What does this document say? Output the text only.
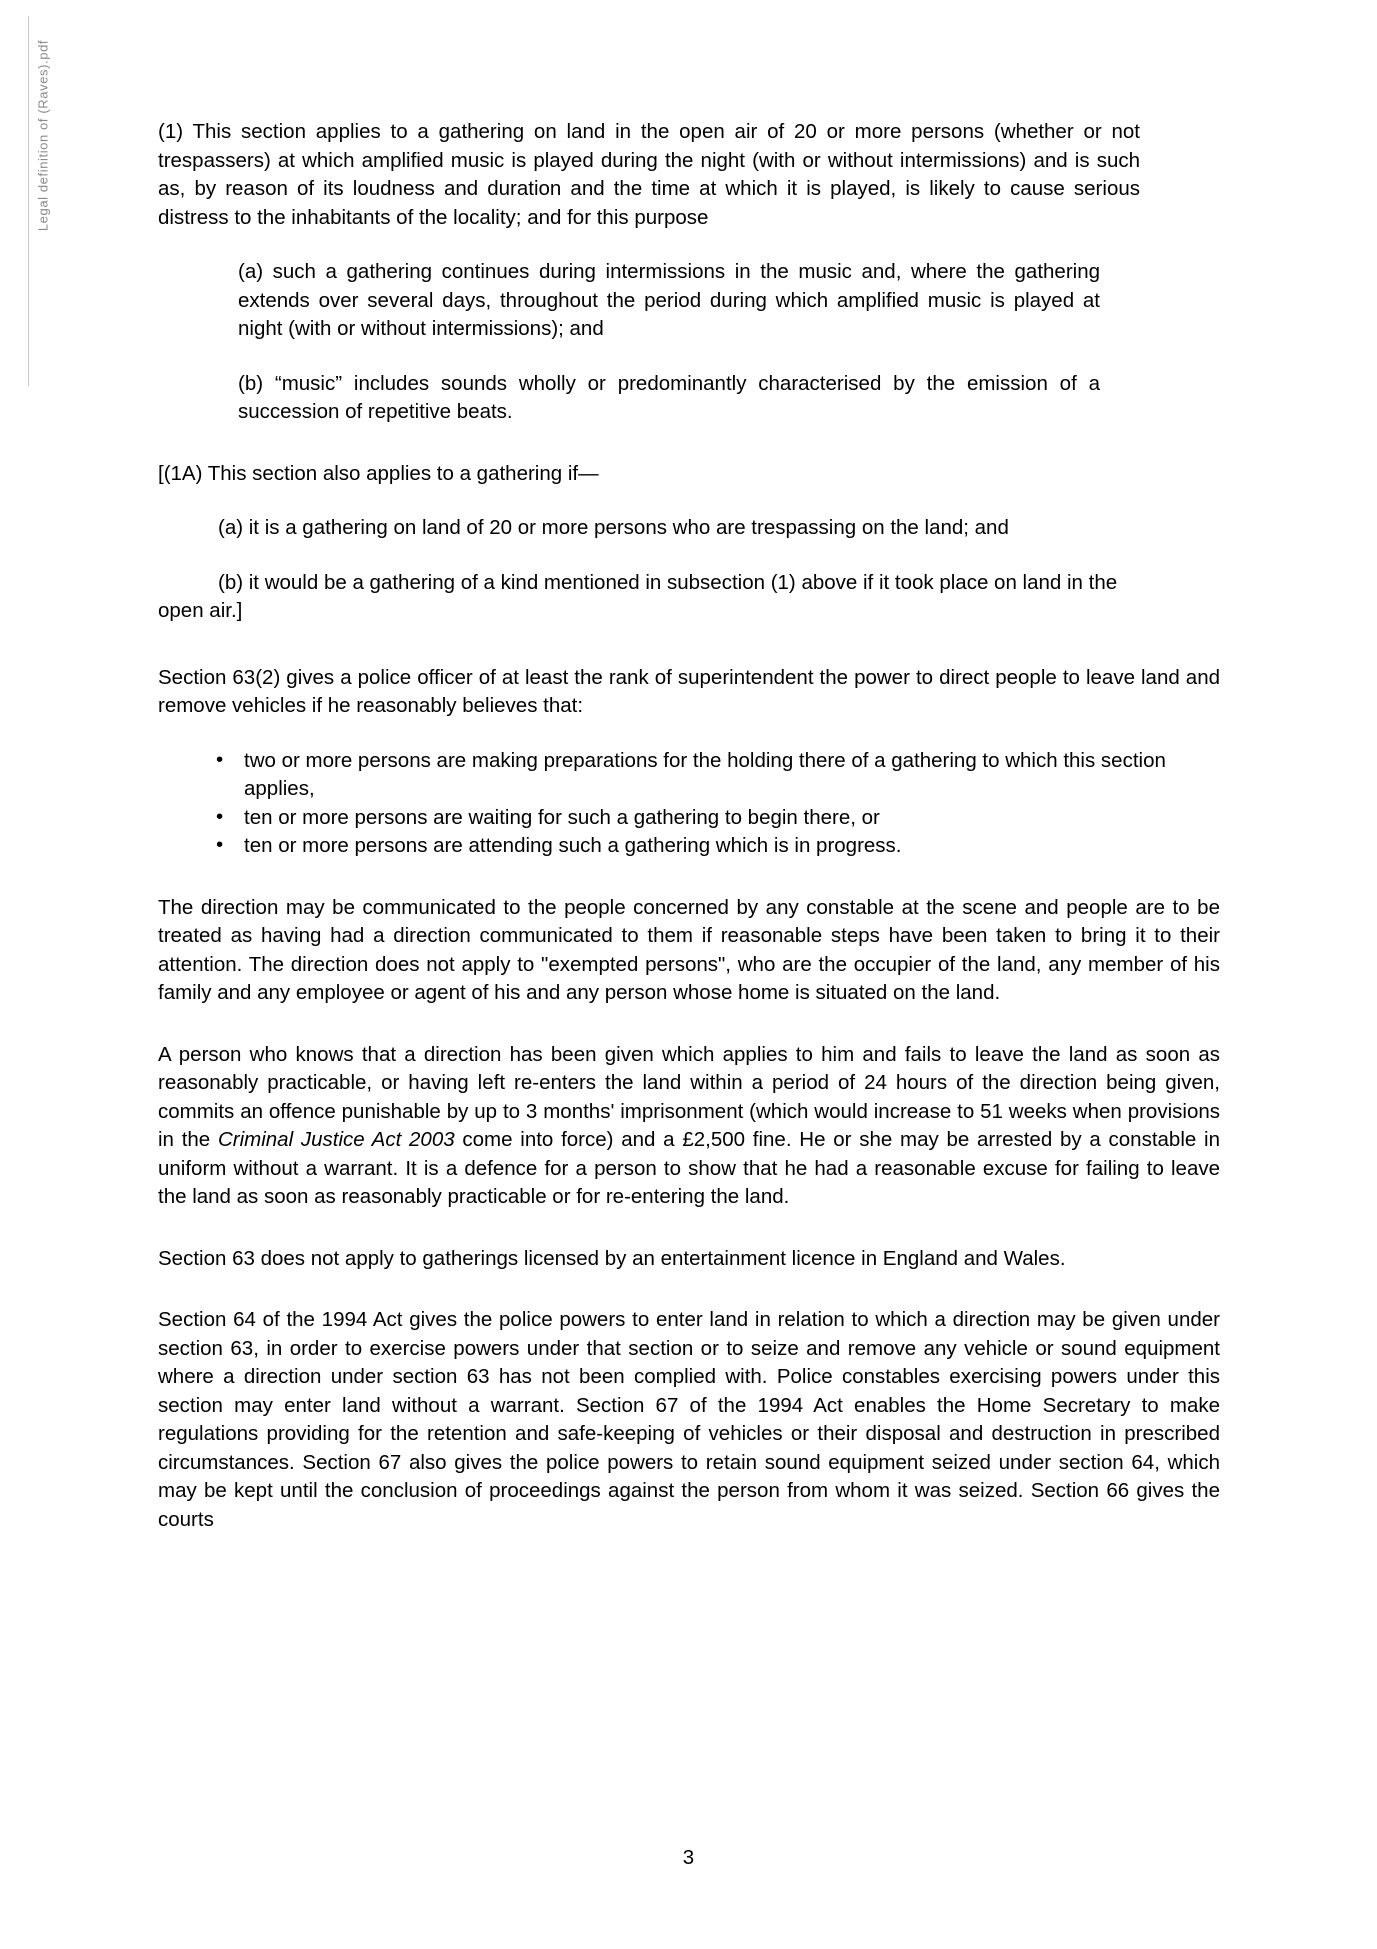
Legal definition of (Raves).pdf	(1) This section applies to a gathering on land in the open air of 20 or more persons (whether or not trespassers) at which amplified music is played during the night (with or without intermissions) and is such as, by reason of its loudness and duration and the time at which it is played, is likely to cause serious distress to the inhabitants of the locality; and for this purpose

(a) such a gathering continues during intermissions in the music and, where the gathering extends over several days, throughout the period during which amplified music is played at night (with or without intermissions); and

(b) “music” includes sounds wholly or predominantly characterised by the emission of a succession of repetitive beats.

[(1A) This section also applies to a gathering if—

(a) it is a gathering on land of 20 or more persons who are trespassing on the land; and

(b) it would be a gathering of a kind mentioned in subsection (1) above if it took place on land in the open air.]

Section 63(2) gives a police officer of at least the rank of superintendent the power to direct people to leave land and remove vehicles if he reasonably believes that:

• two or more persons are making preparations for the holding there of a gathering to which this section applies,
• ten or more persons are waiting for such a gathering to begin there, or
• ten or more persons are attending such a gathering which is in progress.

The direction may be communicated to the people concerned by any constable at the scene and people are to be treated as having had a direction communicated to them if reasonable steps have been taken to bring it to their attention. The direction does not apply to "exempted persons", who are the occupier of the land, any member of his family and any employee or agent of his and any person whose home is situated on the land.

A person who knows that a direction has been given which applies to him and fails to leave the land as soon as reasonably practicable, or having left re-enters the land within a period of 24 hours of the direction being given, commits an offence punishable by up to 3 months' imprisonment (which would increase to 51 weeks when provisions in the Criminal Justice Act 2003 come into force) and a £2,500 fine. He or she may be arrested by a constable in uniform without a warrant. It is a defence for a person to show that he had a reasonable excuse for failing to leave the land as soon as reasonably practicable or for re-entering the land.

Section 63 does not apply to gatherings licensed by an entertainment licence in England and Wales.

Section 64 of the 1994 Act gives the police powers to enter land in relation to which a direction may be given under section 63, in order to exercise powers under that section or to seize and remove any vehicle or sound equipment where a direction under section 63 has not been complied with. Police constables exercising powers under this section may enter land without a warrant. Section 67 of the 1994 Act enables the Home Secretary to make regulations providing for the retention and safe-keeping of vehicles or their disposal and destruction in prescribed circumstances. Section 67 also gives the police powers to retain sound equipment seized under section 64, which may be kept until the conclusion of proceedings against the person from whom it was seized. Section 66 gives the courts

3
